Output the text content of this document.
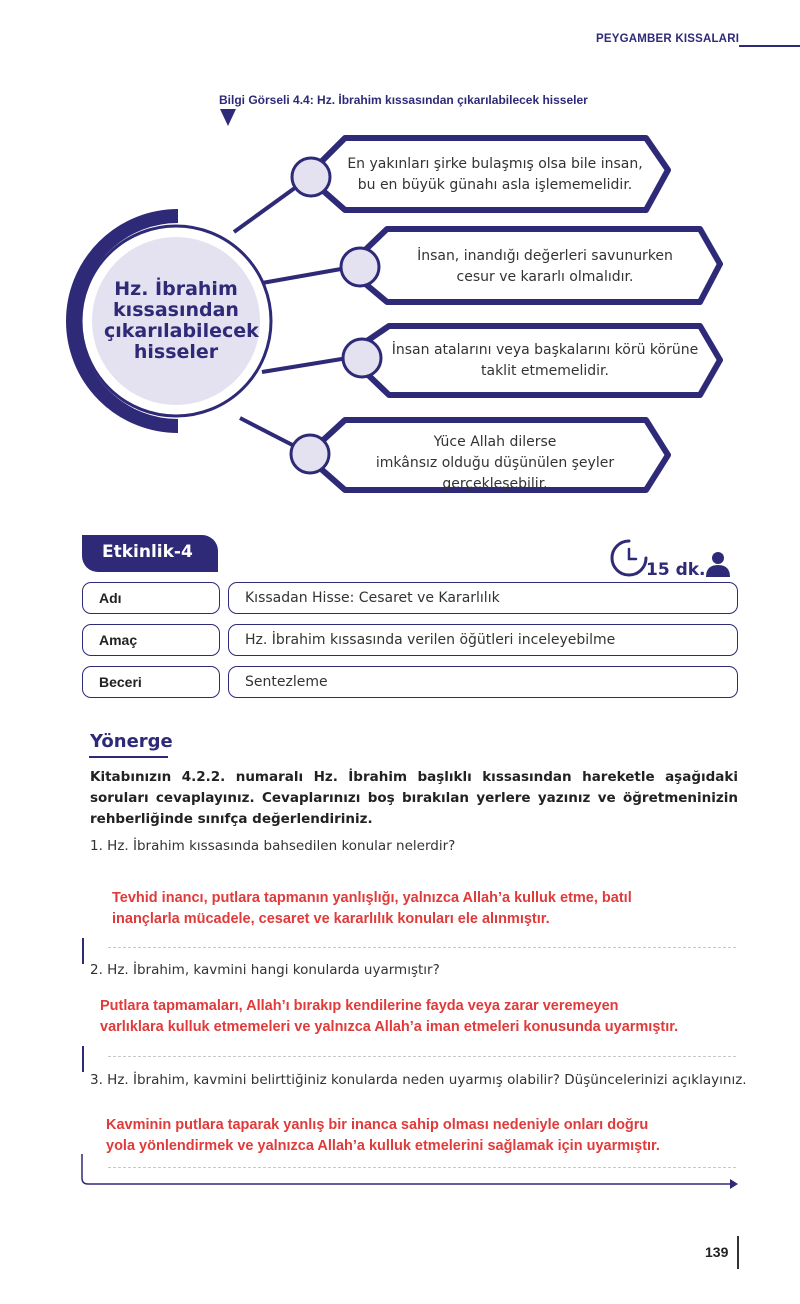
PEYGAMBER KISSALARI
Bilgi Görseli 4.4: Hz. İbrahim kıssasından çıkarılabilecek hisseler
Hz. İbrahim
kıssasından
çıkarılabilecek
hisseler
En yakınları şirke bulaşmış olsa bile insan,
bu en büyük günahı asla işlememelidir.
İnsan, inandığı değerleri savunurken
cesur ve kararlı olmalıdır.
İnsan atalarını veya başkalarını körü körüne
taklit etmemelidir.
Yüce Allah dilerse
imkânsız olduğu düşünülen şeyler gerçekleşebilir.
Etkinlik-4
15 dk.
Adı	Kıssadan Hisse: Cesaret ve Kararlılık
Amaç	Hz. İbrahim kıssasında verilen öğütleri inceleyebilme
Beceri	Sentezleme
Yönerge
Kitabınızın 4.2.2. numaralı Hz. İbrahim başlıklı kıssasından hareketle aşağıdaki soruları cevaplayınız. Cevaplarınızı boş bırakılan yerlere yazınız ve öğretmeninizin rehberliğinde sınıfça değerlendiriniz.
1. Hz. İbrahim kıssasında bahsedilen konular nelerdir?
Tevhid inancı, putlara tapmanın yanlışlığı, yalnızca Allah’a kulluk etme, batıl
inançlarla mücadele, cesaret ve kararlılık konuları ele alınmıştır.
2. Hz. İbrahim, kavmini hangi konularda uyarmıştır?
Putlara tapmamaları, Allah’ı bırakıp kendilerine fayda veya zarar veremeyen
varlıklara kulluk etmemeleri ve yalnızca Allah’a iman etmeleri konusunda uyarmıştır.
3. Hz. İbrahim, kavmini belirttiğiniz konularda neden uyarmış olabilir? Düşüncelerinizi açıklayınız.
Kavminin putlara taparak yanlış bir inanca sahip olması nedeniyle onları doğru
yola yönlendirmek ve yalnızca Allah’a kulluk etmelerini sağlamak için uyarmıştır.
139
